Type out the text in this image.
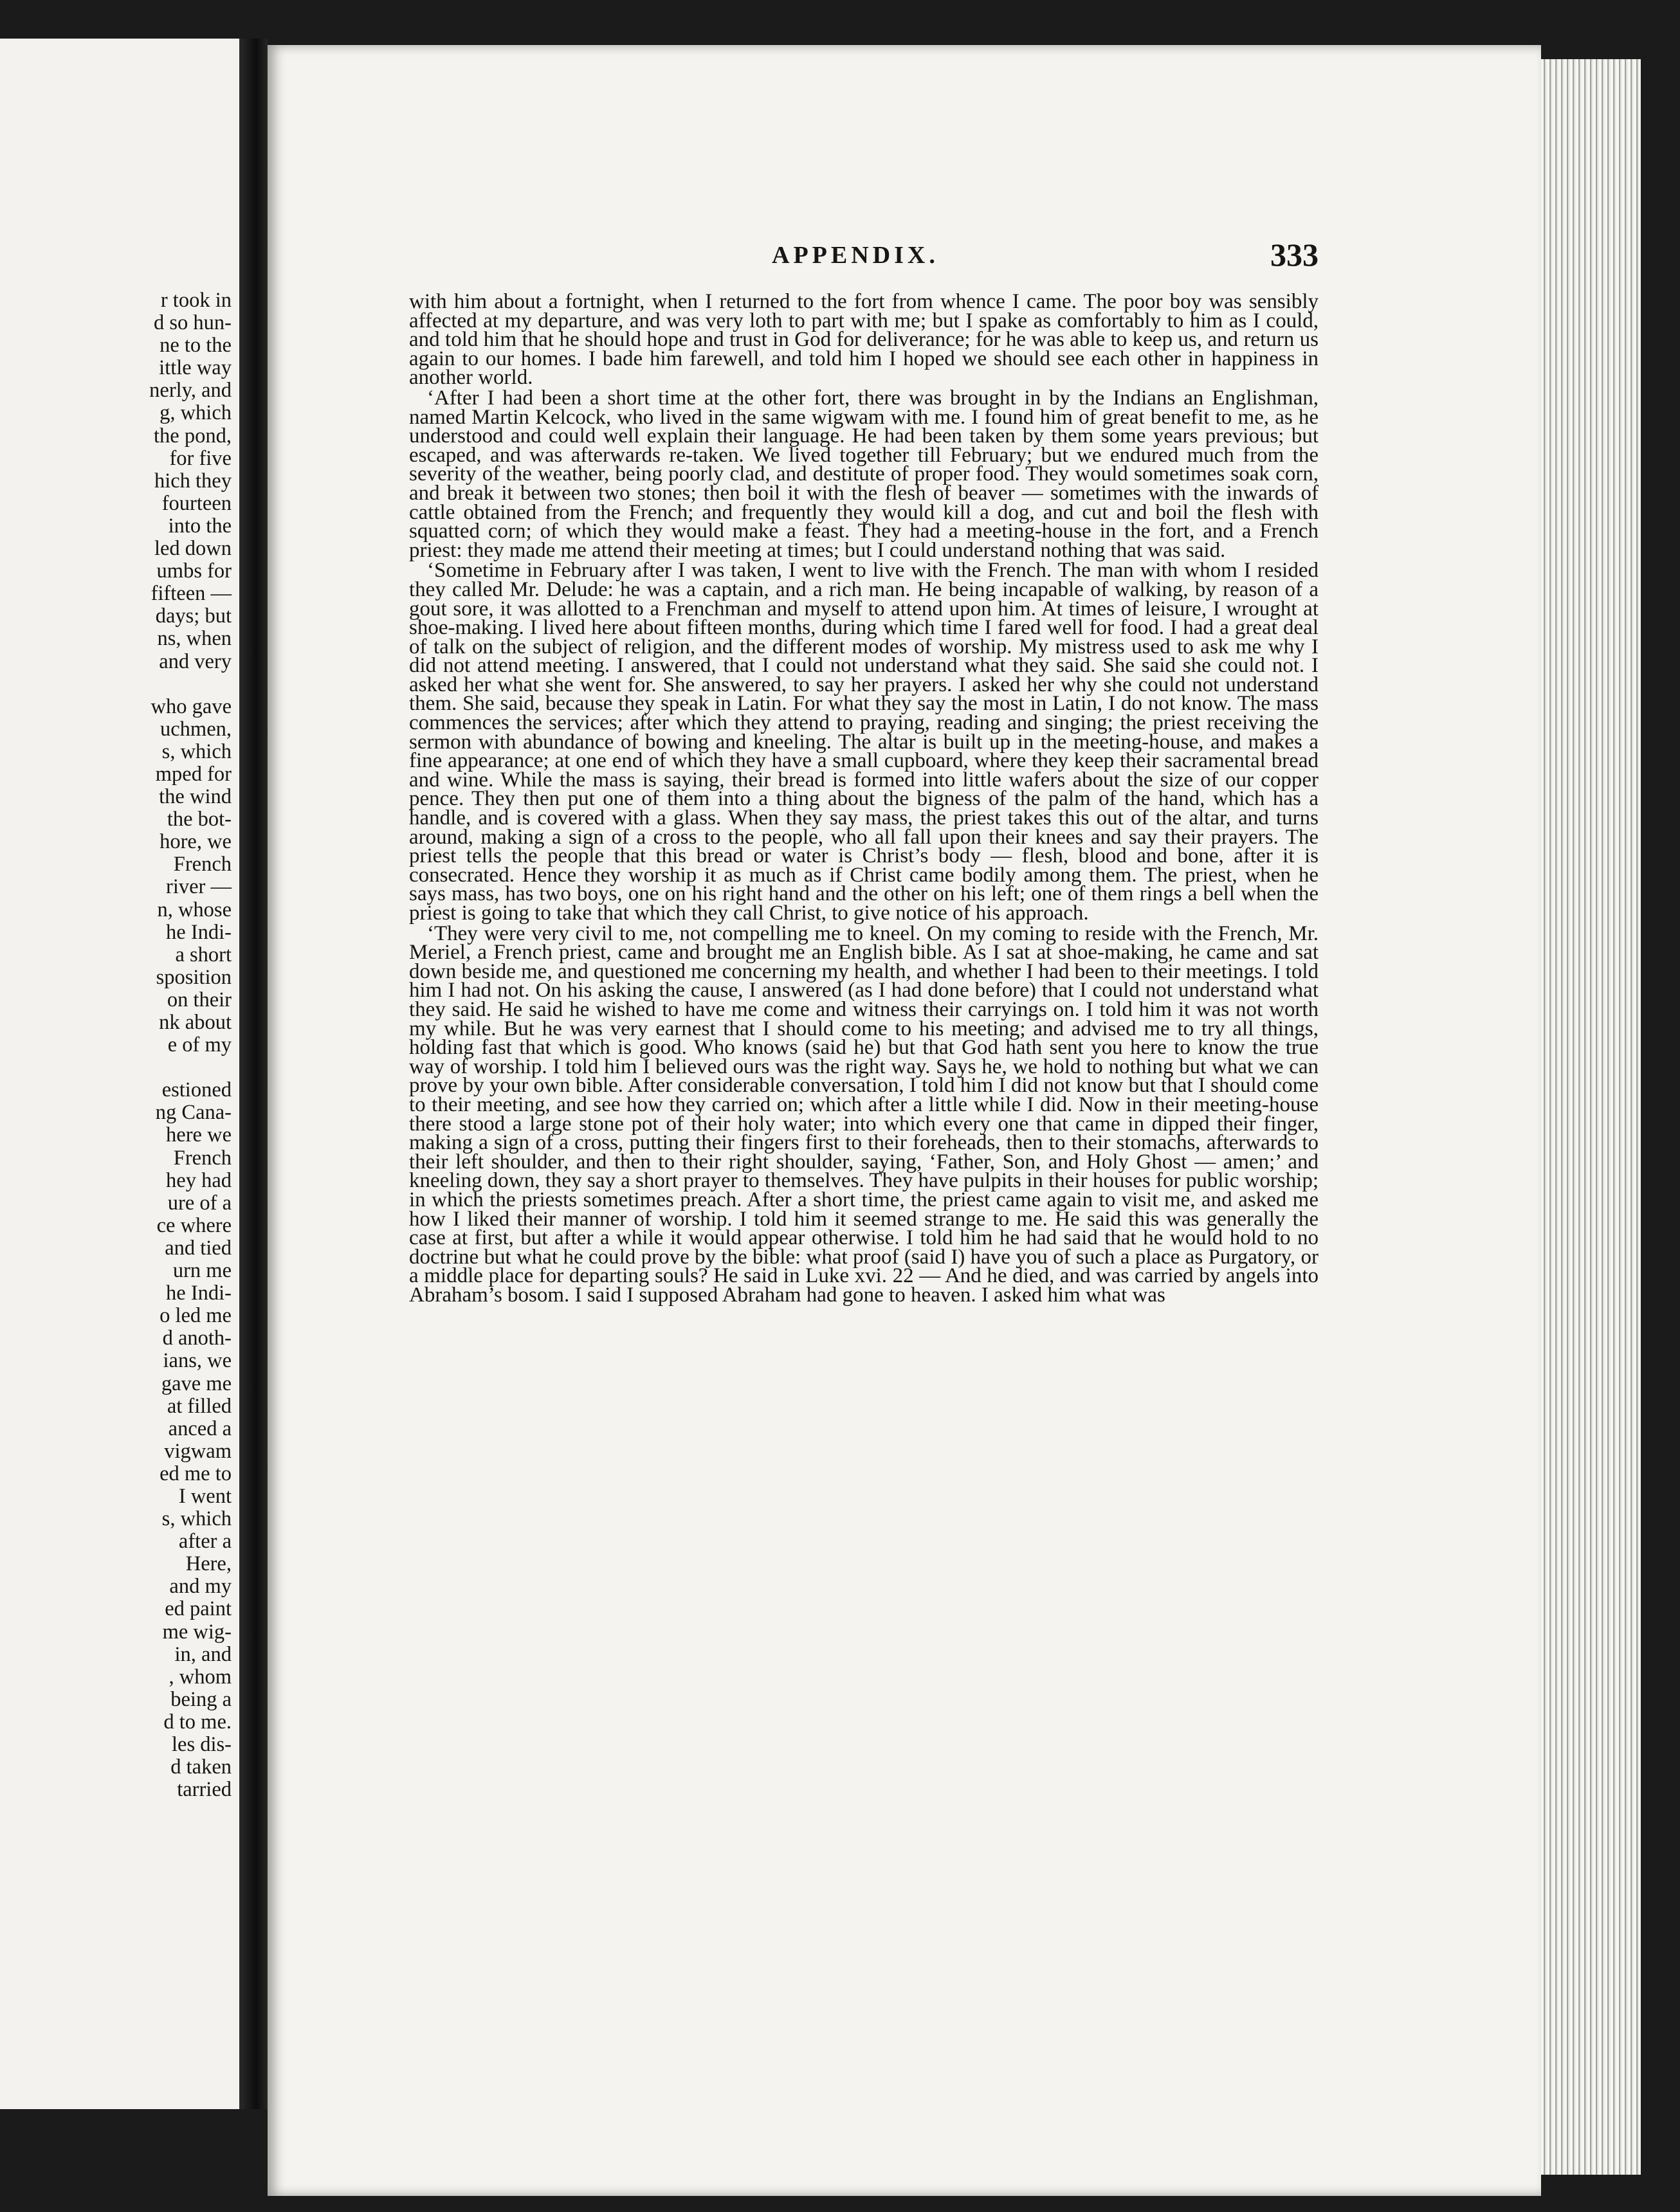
r took in
d so hun-
ne to the
ittle way
nerly, and
g, which
the pond,
for five
hich they
fourteen
into the
led down
umbs for
fifteen —
days; but
ns, when
and very

who gave
uchmen,
s, which
mped for
the wind
the bot-
hore, we
French
river —
n, whose
he Indi-
a short
sposition
on their
nk about
e of my

estioned
ng Cana-
here we
French
hey had
ure of a
ce where
and tied
urn me
he Indi-
o led me
d anoth-
ians, we
gave me
at filled
anced a
vigwam
ed me to
I went
s, which
after a
Here,
and my
ed paint
me wig-
in, and
, whom
being a
d to me.
les dis-
d taken
tarried
APPENDIX.	333

with him about a fortnight, when I returned to the fort from whence I came. The poor boy was sensibly affected at my departure, and was very loth to part with me; but I spake as comfortably to him as I could, and told him that he should hope and trust in God for deliverance; for he was able to keep us, and return us again to our homes. I bade him farewell, and told him I hoped we should see each other in happiness in another world.

‘After I had been a short time at the other fort, there was brought in by the Indians an Englishman, named Martin Kelcock, who lived in the same wigwam with me. I found him of great benefit to me, as he understood and could well explain their language. He had been taken by them some years previous; but escaped, and was afterwards re-taken. We lived together till February; but we endured much from the severity of the weather, being poorly clad, and destitute of proper food. They would sometimes soak corn, and break it between two stones; then boil it with the flesh of beaver — sometimes with the inwards of cattle obtained from the French; and frequently they would kill a dog, and cut and boil the flesh with squatted corn; of which they would make a feast. They had a meeting-house in the fort, and a French priest: they made me attend their meeting at times; but I could understand nothing that was said.

‘Sometime in February after I was taken, I went to live with the French. The man with whom I resided they called Mr. Delude: he was a captain, and a rich man. He being incapable of walking, by reason of a gout sore, it was allotted to a Frenchman and myself to attend upon him. At times of leisure, I wrought at shoe-making. I lived here about fifteen months, during which time I fared well for food. I had a great deal of talk on the subject of religion, and the different modes of worship. My mistress used to ask me why I did not attend meeting. I answered, that I could not understand what they said. She said she could not. I asked her what she went for. She answered, to say her prayers. I asked her why she could not understand them. She said, because they speak in Latin. For what they say the most in Latin, I do not know. The mass commences the services; after which they attend to praying, reading and singing; the priest receiving the sermon with abundance of bowing and kneeling. The altar is built up in the meeting-house, and makes a fine appearance; at one end of which they have a small cupboard, where they keep their sacramental bread and wine. While the mass is saying, their bread is formed into little wafers about the size of our copper pence. They then put one of them into a thing about the bigness of the palm of the hand, which has a handle, and is covered with a glass. When they say mass, the priest takes this out of the altar, and turns around, making a sign of a cross to the people, who all fall upon their knees and say their prayers. The priest tells the people that this bread or water is Christ’s body — flesh, blood and bone, after it is consecrated. Hence they worship it as much as if Christ came bodily among them. The priest, when he says mass, has two boys, one on his right hand and the other on his left; one of them rings a bell when the priest is going to take that which they call Christ, to give notice of his approach.

‘They were very civil to me, not compelling me to kneel. On my coming to reside with the French, Mr. Meriel, a French priest, came and brought me an English bible. As I sat at shoe-making, he came and sat down beside me, and questioned me concerning my health, and whether I had been to their meetings. I told him I had not. On his asking the cause, I answered (as I had done before) that I could not understand what they said. He said he wished to have me come and witness their carryings on. I told him it was not worth my while. But he was very earnest that I should come to his meeting; and advised me to try all things, holding fast that which is good. Who knows (said he) but that God hath sent you here to know the true way of worship. I told him I believed ours was the right way. Says he, we hold to nothing but what we can prove by your own bible. After considerable conversation, I told him I did not know but that I should come to their meeting, and see how they carried on; which after a little while I did. Now in their meeting-house there stood a large stone pot of their holy water; into which every one that came in dipped their finger, making a sign of a cross, putting their fingers first to their foreheads, then to their stomachs, afterwards to their left shoulder, and then to their right shoulder, saying, ‘Father, Son, and Holy Ghost — amen;’ and kneeling down, they say a short prayer to themselves. They have pulpits in their houses for public worship; in which the priests sometimes preach. After a short time, the priest came again to visit me, and asked me how I liked their manner of worship. I told him it seemed strange to me. He said this was generally the case at first, but after a while it would appear otherwise. I told him he had said that he would hold to no doctrine but what he could prove by the bible: what proof (said I) have you of such a place as Purgatory, or a middle place for departing souls? He said in Luke xvi. 22 — And he died, and was carried by angels into Abraham’s bosom. I said I supposed Abraham had gone to heaven. I asked him what was
